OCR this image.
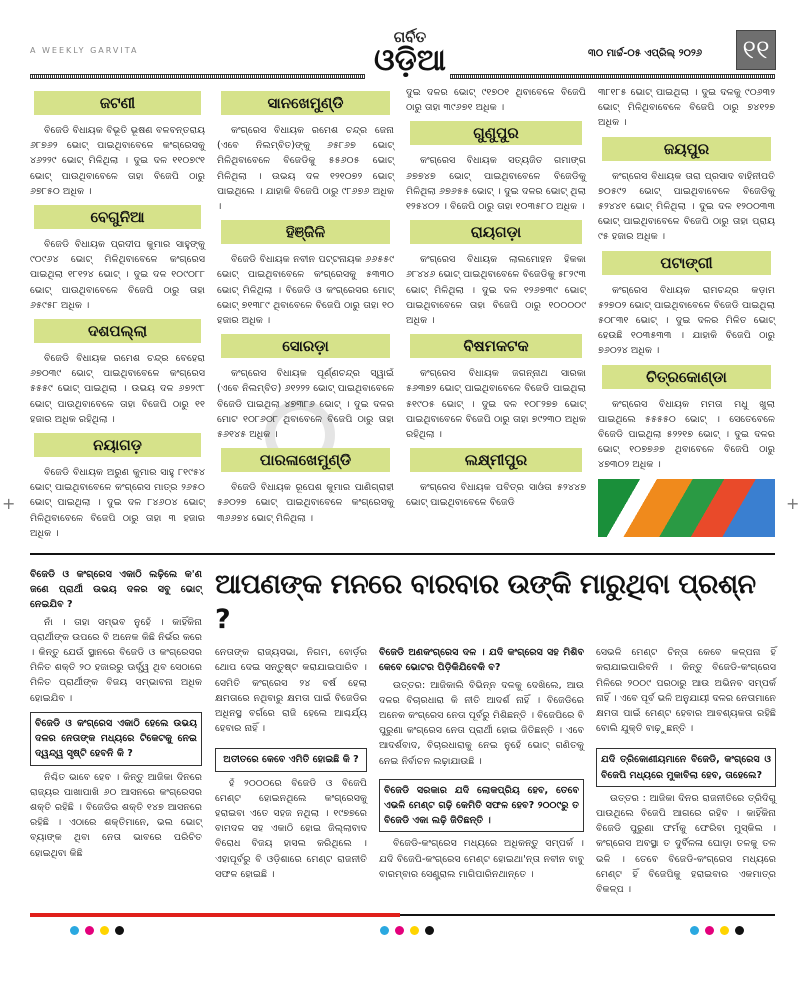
A WEEKLY GARVITA
ଗର୍ବିତ
ଓଡ଼ିଆ	୩୦ ମାର୍ଚ୍ଚ-୦୫ ଏପ୍ରିଲ୍ ୨୦୨୬ ୧୧
ଜଟଣୀ

ବିଜେଡି ବିଧାୟକ ବିଭୂତି ଭୂଷଣ ବଳବନ୍ତରାୟ ୬୮୭୬୨ ଭୋଟ୍ ପାଇଥିବାବେଳେ କଂଗ୍ରେସକୁ ୪୬୨୨୯ ଭୋଟ୍ ମିଳିଥିଲା । ଦୁଇ ଦଳ ୧୧୦୭୯୧ ଭୋଟ୍ ପାଉଥିବାବେଳେ ତାହା ବିଜେପି ଠାରୁ ୬୭୮୫୦ ଅଧିକ ।

ବେଗୁନିଆ

ବିଜେଡି ବିଧାୟକ ପ୍ରଦୀପ କୁମାର ସାହୁଙ୍କୁ ୯୦୯୬୪ ଭୋଟ୍ ମିଳିଥିବାବେଳେ କଂଗ୍ରେସ ପାଇଥିଲା ୧୮୧୨୪ ଭୋଟ୍ । ଦୁଇ ଦଳ ୧୦୯୦୮୮ ଭୋଟ୍ ପାଉଥିବାବେଳେ ବିଜେପି ଠାରୁ ତାହା ୬୫୯୫୮ ଅଧିକ ।

ଦଶପଲ୍ଲା

ବିଜେଡି ବିଧାୟକ ରମେଶ ଚନ୍ଦ୍ର ବେହେରା ୬୭୦୩୯ ଭୋଟ୍ ପାଇଥିବାବେଳେ କଂଗ୍ରେସ ୫୫୫୯ ଭୋଟ୍ ପାଇଥିଲା । ଉଭୟ ଦଳ ୬୭୨୯୮ ଭୋଟ୍ ପାଉଥିବାବେଳେ ତାହା ବିଜେପି ଠାରୁ ୧୧ ହଜାର ଅଧିକ ରହିଥିଲା ।

ନୟାଗଡ଼

ବିଜେଡି ବିଧାୟକ ଅରୁଣ କୁମାର ସାହୁ ୮୧୯୫୪ ଭୋଟ୍ ପାଇଥିବାବେଳେ କଂଗ୍ରେସ ମାତ୍ର ୨୬୫୦ ଭୋଟ୍ ପାଇଥିଲା । ଦୁଇ ଦଳ ୮୪୬୦୪ ଭୋଟ୍ ମିଳିଥିବାବେଳେ ବିଜେପି ଠାରୁ ତାହା ୩ ହଜାର ଅଧିକ ।

ସାନଖେମୁଣ୍ଡି

କଂଗ୍ରେସ ବିଧାୟକ ରମେଶ ଚନ୍ଦ୍ର ଜେନା (ଏବେ ନିଲମ୍ବିତ)ଙ୍କୁ ୬୫୮୬୭ ଭୋଟ୍ ମିଳିଥିବାବେଳେ ବିଜେଡିକୁ ୫୫୬୦୫ ଭୋଟ୍ ମିଳିଥିଲା । ଉଭୟ ଦଳ ୧୨୧୦୭୨ ଭୋଟ୍ ପାଇଥିଲେ । ଯାହାକି ବିଜେପି ଠାରୁ ୯୮୬୭୬ ଅଧିକ ।

ହିଞ୍ଜିଳି

ବିଜେଡି ବିଧାୟକ ନବୀନ ପଟ୍ଟନାୟକ ୬୬୫୫୯ ଭୋଟ୍ ପାଇଥିବାବେଳେ କଂଗ୍ରେସକୁ ୫୩୩୦ ଭୋଟ୍ ମିଳିଥିଲା । ବିଜେଡି ଓ କଂଗ୍ରେସର ମୋଟ୍ ଭୋଟ୍ ୭୧୩୮୯ ଥିବାବେଳେ ବିଜେପି ଠାରୁ ତାହା ୧୦ ହଜାର ଅଧିକ ।

ସୋରଡ଼ା

କଂଗ୍ରେସ ବିଧାୟକ ପୂର୍ଣ୍ଣଚନ୍ଦ୍ର ସ୍ୱାଇଁ (ଏବେ ନିଲମ୍ବିତ) ୬୧୨୨୨ ଭୋଟ୍ ପାଇଥିବାବେଳେ ବିଜେଡି ପାଇଥିଲା ୪୭୩୮୬ ଭୋଟ୍ । ଦୁଇ ଦଳର ମୋଟ ୧୦୮୬୦୮ ଥିବାବେଳେ ବିଜେପି ଠାରୁ ତାହା ୫୬୧୪୫ ଅଧିକ ।

ପାରଳାଖେମୁଣ୍ଡି

ବିଜେଡି ବିଧାୟକ ରୂପେଶ କୁମାର ପାଣିଗ୍ରାହୀ ୫୬୦୨୭ ଭୋଟ୍ ପାଇଥିବାବେଳେ କଂଗ୍ରେସକୁ ୩୬୬୭୪ ଭୋଟ୍ ମିଳିଥିଲା ।

ଦୁଇ ଦଳର ଭୋଟ୍ ୯୧୭୦୧ ଥିବାବେଳେ ବିଜେପି ଠାରୁ ତାହା ୩୯୬୭୧ ଅଧିକ ।

ଗୁଣୁପୁର

କଂଗ୍ରେସ ବିଧାୟକ ସତ୍ୟଜିତ ଗମାଙ୍ଗ ୬୭୭୪୭ ଭୋଟ୍ ପାଇଥିବାବେଳେ ବିଜେଡିକୁ ମିଳିଥିଲା ୬୭୬୫୫ ଭୋଟ୍ । ଦୁଇ ଦଳର ଭୋଟ୍ ଥିଲା ୧୨୫୪୦୨ । ବିଜେପି ଠାରୁ ତାହା ୧୦୩୫୮୦ ଅଧିକ ।

ରାୟଗଡ଼ା

କଂଗ୍ରେସ ବିଧାୟକ ଲାଲମୋହନ ହିକକା ୬୮୪୪୬ ଭୋଟ୍ ପାଇଥିବାବେଳେ ବିଜେଡିକୁ ୫୮୨୯୩ ଭୋଟ୍ ମିଳିଥିଲା । ଦୁଇ ଦଳ ୧୨୬୭୩୯ ଭୋଟ୍ ପାଇଥିବାବେଳେ ତାହା ବିଜେପି ଠାରୁ ୧୦୦୦୦୯ ଅଧିକ ।

ବିଷମକଟକ

କଂଗ୍ରେସ ବିଧାୟକ ଜଗନ୍ନାଥ ସାରକା ୫୬୩୭୨ ଭୋଟ୍ ପାଇଥିବାବେଳେ ବିଜେଡି ପାଇଥିଲା ୫୧୯୦୫ ଭୋଟ୍ । ଦୁଇ ଦଳ ୧୦୮୨୭୭ ଭୋଟ୍ ପାଇଥିବାବେଳେ ବିଜେପି ଠାରୁ ତାହା ୭୯୨୩୦ ଅଧିକ ରହିଥିଲା ।

ଲକ୍ଷ୍ମୀପୁର

କଂଗ୍ରେସ ବିଧାୟକ ପବିତ୍ର ସାଓଁତା ୫୨୪୪୭ ଭୋଟ୍ ପାଇଥିବାବେଳେ ବିଜେଡି

୩୮୧୮୫ ଭୋଟ୍ ପାଇଥିଲା । ଦୁଇ ଦଳକୁ ୯୦୬୩୨ ଭୋଟ୍ ମିଳିଥିବାବେଳେ ବିଜେପି ଠାରୁ ୭୪୧୨୭ ଅଧିକ ।

ଜୟପୁର

କଂଗ୍ରେସ ବିଧାୟକ ତାରା ପ୍ରସାଦ ବାହିନୀପତି ୭୦୫୯୨ ଭୋଟ୍ ପାଇଥିବାବେଳେ ବିଜେଡିକୁ ୫୨୪୪୧ ଭୋଟ୍ ମିଳିଥିଲା । ଦୁଇ ଦଳ ୧୨୦୦୩୩ ଭୋଟ୍ ପାଇଥିବାବେଳେ ବିଜେପି ଠାରୁ ତାହା ପ୍ରାୟ ୯୫ ହଜାର ଅଧିକ ।

ପଟାଙ୍ଗୀ

କଂଗ୍ରେସ ବିଧାୟକ ରାମଚନ୍ଦ୍ର କଡ଼ାମ ୫୨୭୦୨ ଭୋଟ୍ ପାଇଥିବାବେଳେ ବିଜେଡି ପାଇଥିଲା ୫୦୮୩୧ ଭୋଟ୍ । ଦୁଇ ଦଳର ମିଳିତ ଭୋଟ୍ ହେଉଛି ୧୦୩୫୩୩ । ଯାହାକି ବିଜେପି ଠାରୁ ୭୬୦୨୪ ଅଧିକ ।

ଚିତ୍ରକୋଣ୍ଡା

କଂଗ୍ରେସ ବିଧାୟକ ମମତା ମଧୁ ଖୁଲା ପାଇଥିଲେ ୫୫୫୫୦ ଭୋଟ୍ । ସେତେବେଳେ ବିଜେଡି ପାଇଥିଲା ୫୨୨୧୭ ଭୋଟ୍ । ଦୁଇ ଦଳର ଭୋଟ୍ ୧୦୭୭୬୭ ଥିବାବେଳେ ବିଜେପି ଠାରୁ ୪୭୩୦୨ ଅଧିକ ।

ବିଜେଡି ଓ କଂଗ୍ରେସ ଏକାଠି ଲଢ଼ିଲେ କ'ଣ ଜଣେ ପ୍ରାର୍ଥୀ ଉଭୟ ଦଳର ସବୁ ଭୋଟ୍ ନେଇଯିବ ?

ନାଁ । ତାହା ସମ୍ଭବ ନୁହେଁ । କାହିଁକିନା ପ୍ରାର୍ଥୀଙ୍କ ଉପରେ ବି ଅନେକ କିଛି ନିର୍ଭର କରେ । କିନ୍ତୁ ଯେଉଁ ସ୍ଥାନରେ ବିଜେଡି ଓ କଂଗ୍ରେସର ମିଳିତ ଶକ୍ତି ୨୦ ହଜାରରୁ ଊର୍ଦ୍ଧ୍ୱ ଥିବ ସେଠାରେ ମିଳିତ ପ୍ରାର୍ଥୀଙ୍କ ବିଜୟ ସମ୍ଭାବନା ଅଧିକ ହୋଇଯିବ ।

ବିଜେଡି ଓ କଂଗ୍ରେସ ଏକାଠି ହେଲେ ଉଭୟ ଦଳର ନେତାଙ୍କ ମଧ୍ୟରେ ଟିକେଟକୁ ନେଇ ଦ୍ୱନ୍ଦ୍ୱ ସୃଷ୍ଟି ହେବନି କି ?

ନିଶ୍ଚିତ ଭାବେ ହେବ । କିନ୍ତୁ ଆଜିକା ଦିନରେ ରାଜ୍ୟର ପାଖାପାଖି ୬୦ ଆସନରେ କଂଗ୍ରେସର ଶକ୍ତି ରହିଛି । ବିଜେଡିର ଶକ୍ତି ୧୪୭ ଆସନରେ ରହିଛି । ଏଠାରେ ଶକ୍ତିମାନେ, ଭଲ ଭୋଟ୍ ବ୍ୟାଙ୍କ ଥିବା ନେତା ଭାବରେ ପରିଚିତ ହୋଇଥିବା କିଛି

ଆପଣଙ୍କ ମନରେ ବାରବାର ଉଙ୍କି ମାରୁଥିବା ପ୍ରଶ୍ନ ?
ନେତାଙ୍କ ରାଜ୍ୟସଭା, ନିଗମ, ବୋର୍ଡ଼ର ଥୋପ ଦେଇ ସନ୍ତୁଷ୍ଟ କରାଯାଇପାରିବ । ସେମିତି କଂଗ୍ରେସ ୨୪ ବର୍ଷ ହେଲା କ୍ଷମତାରେ ନଥିବାରୁ କ୍ଷମତା ପାଇଁ ବିଜେଡିର ଅଧିନସ୍ଥ ବର୍ଗରେ ରାଜି ହେଲେ ଆଶ୍ଚର୍ଯ୍ୟ ହେବାର ନାହିଁ ।
ଅତୀତରେ କେବେ ଏମିତି ହୋଇଛି କି ?

ହଁ ୨୦୦୦ରେ ବିଜେଡି ଓ ବିଜେପି ମେଣ୍ଟ ହୋଇନଥିଲେ କଂଗ୍ରେସକୁ ହରାଇବା ଏତେ ସହଜ ନଥିଲା । ୧୯୭୭ରେ ବାମଦଳ ସହ ଏକାଠି ହୋଇ ଜିଲ୍ଲାବାଦ ବିରୋଧ ବିଜୟ ହାସଲ କରିଥିଲେ । ଏହାପୂର୍ବରୁ ବି ଓଡ଼ିଶାରେ ମେଣ୍ଟ ରାଜନୀତି ସଫଳ ହୋଇଛି ।

ବିଜେଡି ଅଣକଂଗ୍ରେସ ଦଳ । ଯଦି କଂଗ୍ରେସ ସହ ମିଶିବ କେବେ ଭୋଟର ପିଡ଼ିକିଯିବେକି ବ?

ଉତ୍ତର: ଆଜିକାଲି ବିଭିନ୍ନ ଦଳକୁ ଦେଖିଲେ, ଆଉ ଦଳର ବିଚାରଧାରା କି ନୀତି ଆଦର୍ଶ ନାହିଁ । ବିଜେଡିରେ ଅନେକ କଂଗ୍ରେସ ନେତା ପୂର୍ବରୁ ମିଶିଛନ୍ତି । ବିଜେପିରେ ବି ପୁରୁଣା କଂଗ୍ରେସ ନେତା ପ୍ରାର୍ଥୀ ହୋଇ ଜିତିଛନ୍ତି । ଏବେ ଆଦର୍ଶବାଦ, ବିଚାରଧାରାକୁ ନେଇ ନୁହେଁ ଭୋଟ୍ ଗଣିତକୁ ନେଇ ନିର୍ବାଚନ ଲଢ଼ାଯାଉଛି ।

ବିଜେଡି ସରକାର ଯଦି ଲୋକପ୍ରିୟ ହେବ, ତେବେ ଏଭଳି ମେଣ୍ଟ ଗଢ଼ି କେମିତି ସଫଳ ହେବ? ୨୦୦୯ରୁ ତ ବିଜେଡି ଏକା ଲଢ଼ି ଜିତିଛନ୍ତି ।

ବିଜେଡି-କଂଗ୍ରେସ ମଧ୍ୟରେ ଅଧିକନ୍ତୁ ସମ୍ପର୍କ । ଯଦି ବିଜେପି-କଂଗ୍ରେସ ମେଣ୍ଟ ହୋଇଥା'ନ୍ତା ନବୀନ ବାବୁ ବାରମ୍ବାର ସେଣ୍ଟ୍ରାଲ ମାଗିପାରିନଥାନ୍ତେ ।

ସେଭଳି ମେଣ୍ଟ ଚିନ୍ତା କେବେ କଳ୍ପନା ହିଁ କରାଯାଇପାରିବନି । କିନ୍ତୁ ବିଜେଡି-କଂଗ୍ରେସ ମିଳିରେ ୨୦୦୯ ପରଠାରୁ ଆଉ ଅଭିନବ ସମ୍ପର୍କ ନାହିଁ । ଏବେ ପୂର୍ବ ଭଳି ଅନୁଯାୟୀ ଦଳର ନେତାମାନେ କ୍ଷମତା ପାଇଁ ମେଣ୍ଟ ହେବାର ଆବଶ୍ୟକତା ରହିଛି ବୋଲି ଯୁକ୍ତି ବାଢ଼ୁଛନ୍ତି ।
ଯଦି ତ୍ରିକୋଣୀୟମାନେ ବିଜେଡି, କଂଗ୍ରେସ ଓ ବିଜେପି ମଧ୍ୟରେ ମୁକାବିଲା ହେବ, ତାହେଲେ?

ଉତ୍ତର : ଆଜିକା ଦିନର ରାଜନୀତିରେ ତ୍ରିଦିଗୁ ପାଉଥିଲେ ବିଜେପି ଆଗରେ ରହିବ । କାହିଁକିନା ବିଜେଡି ପୁରୁଣା ଫର୍ମକୁ ଫେରିବା ମୁସ୍କିଲ । କଂଗ୍ରେସ ଅବସ୍ଥା ତ ଦୁର୍ବିଳଳା ଘୋଡ଼ା ତଳକୁ ତଳ ଭଳି । ତେବେ ବିଜେଡି-କଂଗ୍ରେସ ମଧ୍ୟରେ ମେଣ୍ଟ ହିଁ ବିଜେପିକୁ ହରାଇବାର ଏକମାତ୍ର ବିକଳ୍ପ ।

+	+
